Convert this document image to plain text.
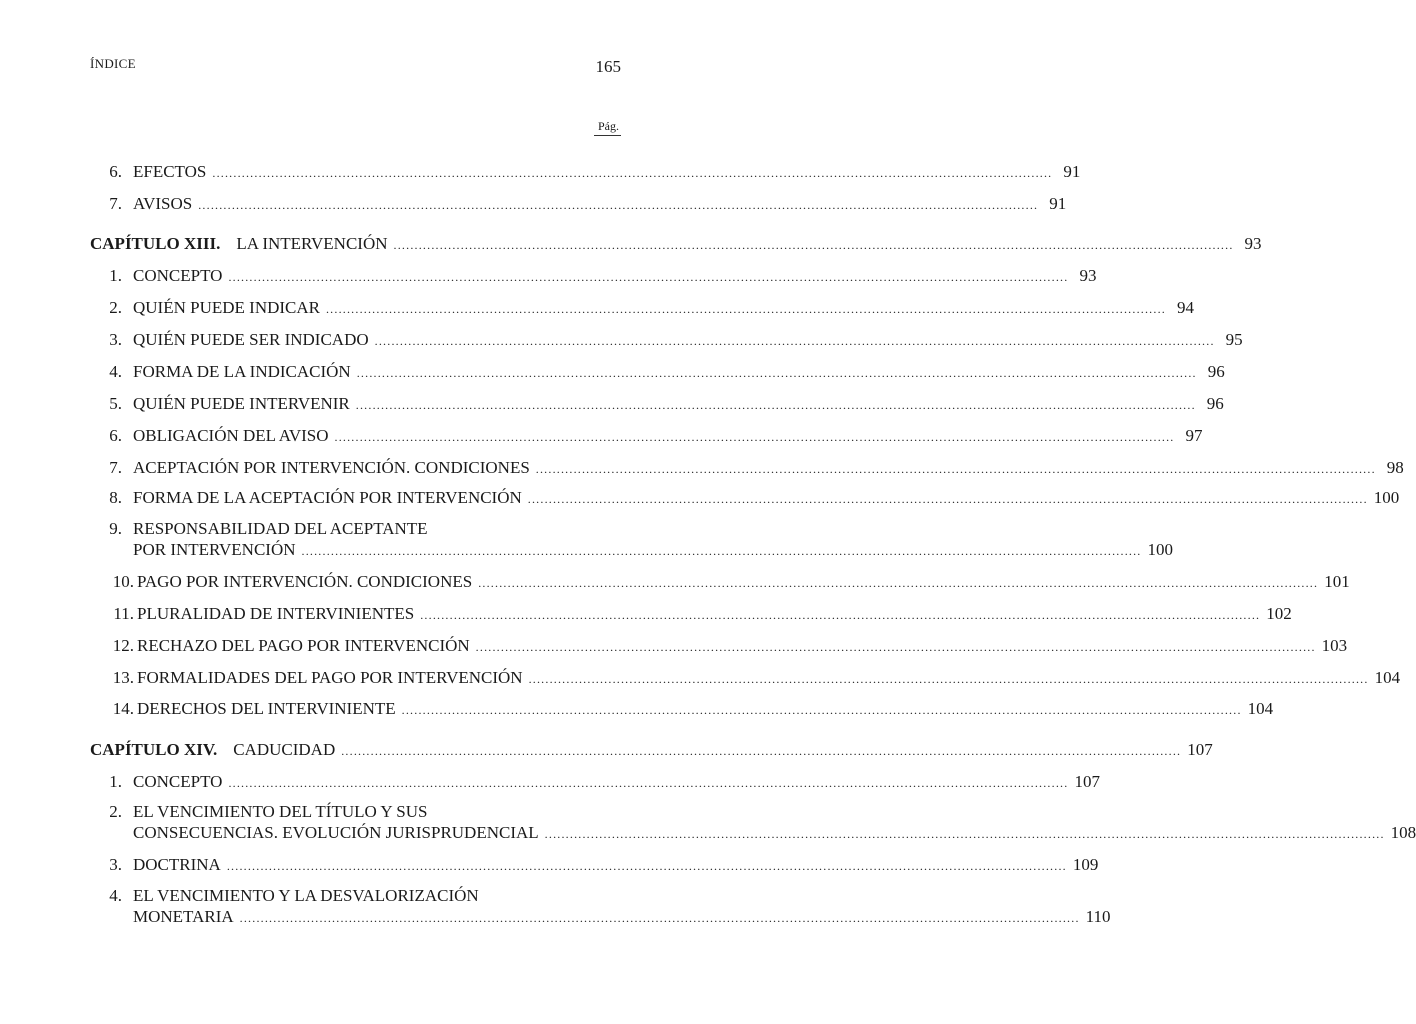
ÍNDICE	165
Pág.
6. EFECTOS ........................................................................................................................................................................................................ 91
7. AVISOS ........................................................................................................................................................................................................ 91
CAPÍTULO XIII. LA INTERVENCIÓN ........................................................................................................................................................................................................ 93
1. CONCEPTO ........................................................................................................................................................................................................ 93
2. QUIÉN PUEDE INDICAR ........................................................................................................................................................................................................ 94
3. QUIÉN PUEDE SER INDICADO ........................................................................................................................................................................................................ 95
4. FORMA DE LA INDICACIÓN ........................................................................................................................................................................................................ 96
5. QUIÉN PUEDE INTERVENIR ........................................................................................................................................................................................................ 96
6. OBLIGACIÓN DEL AVISO ........................................................................................................................................................................................................ 97
7. ACEPTACIÓN POR INTERVENCIÓN. CONDICIONES ........................................................................................................................................................................................................ 98
8. FORMA DE LA ACEPTACIÓN POR INTERVENCIÓN ........................................................................................................................................................................................................ 100
9. RESPONSABILIDAD DEL ACEPTANTE
POR INTERVENCIÓN ........................................................................................................................................................................................................ 100
10. PAGO POR INTERVENCIÓN. CONDICIONES ........................................................................................................................................................................................................ 101
11. PLURALIDAD DE INTERVINIENTES ........................................................................................................................................................................................................ 102
12. RECHAZO DEL PAGO POR INTERVENCIÓN ........................................................................................................................................................................................................ 103
13. FORMALIDADES DEL PAGO POR INTERVENCIÓN ........................................................................................................................................................................................................ 104
14. DERECHOS DEL INTERVINIENTE ........................................................................................................................................................................................................ 104
CAPÍTULO XIV. CADUCIDAD ........................................................................................................................................................................................................ 107
1. CONCEPTO ........................................................................................................................................................................................................ 107
2. EL VENCIMIENTO DEL TÍTULO Y SUS
CONSECUENCIAS. EVOLUCIÓN JURISPRUDENCIAL ........................................................................................................................................................................................................ 108
3. DOCTRINA ........................................................................................................................................................................................................ 109
4. EL VENCIMIENTO Y LA DESVALORIZACIÓN
MONETARIA ........................................................................................................................................................................................................ 110
